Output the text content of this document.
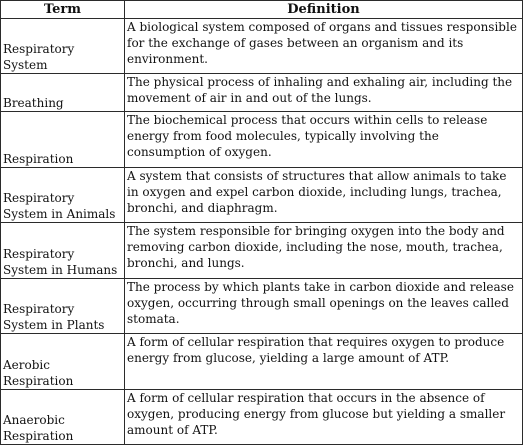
Term	Definition
Respiratory System	A biological system composed of organs and tissues responsible for the exchange of gases between an organism and its environment.
Breathing	The physical process of inhaling and exhaling air, including the movement of air in and out of the lungs.
Respiration	The biochemical process that occurs within cells to release energy from food molecules, typically involving the consumption of oxygen.
Respiratory System in Animals	A system that consists of structures that allow animals to take in oxygen and expel carbon dioxide, including lungs, trachea, bronchi, and diaphragm.
Respiratory System in Humans	The system responsible for bringing oxygen into the body and removing carbon dioxide, including the nose, mouth, trachea, bronchi, and lungs.
Respiratory System in Plants	The process by which plants take in carbon dioxide and release oxygen, occurring through small openings on the leaves called stomata.
Aerobic Respiration	A form of cellular respiration that requires oxygen to produce energy from glucose, yielding a large amount of ATP.
Anaerobic Respiration	A form of cellular respiration that occurs in the absence of oxygen, producing energy from glucose but yielding a smaller amount of ATP.
